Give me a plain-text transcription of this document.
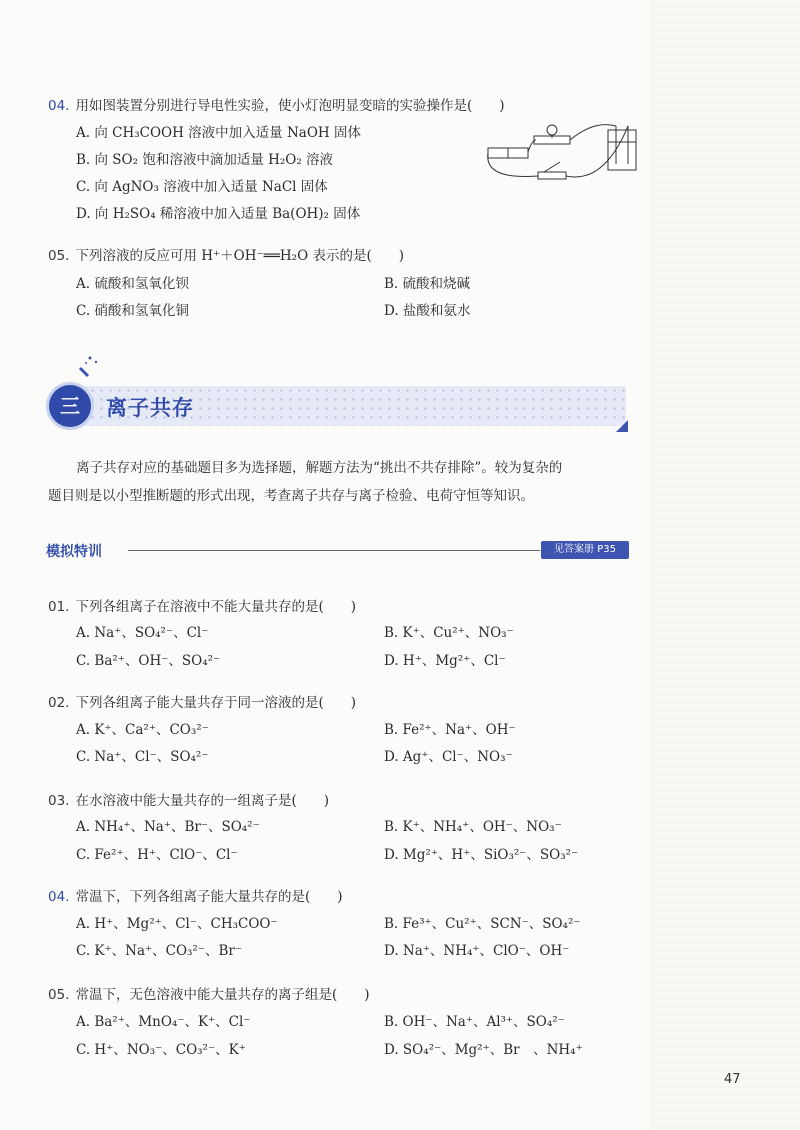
04. 用如图装置分别进行导电性实验，使小灯泡明显变暗的实验操作是(　　)
A. 向 CH₃COOH 溶液中加入适量 NaOH 固体
B. 向 SO₂ 饱和溶液中滴加适量 H₂O₂ 溶液
C. 向 AgNO₃ 溶液中加入适量 NaCl 固体
D. 向 H₂SO₄ 稀溶液中加入适量 Ba(OH)₂ 固体
05. 下列溶液的反应可用 H⁺＋OH⁻══H₂O 表示的是(　　)
A. 硫酸和氢氧化钡	B. 硫酸和烧碱
C. 硝酸和氢氧化铜	D. 盐酸和氨水
三	离子共存
离子共存对应的基础题目多为选择题，解题方法为“挑出不共存排除”。较为复杂的
题目则是以小型推断题的形式出现，考查离子共存与离子检验、电荷守恒等知识。
模拟特训	见答案册 P35
01. 下列各组离子在溶液中不能大量共存的是(　　)
A. Na⁺、SO₄²⁻、Cl⁻	B. K⁺、Cu²⁺、NO₃⁻
C. Ba²⁺、OH⁻、SO₄²⁻	D. H⁺、Mg²⁺、Cl⁻
02. 下列各组离子能大量共存于同一溶液的是(　　)
A. K⁺、Ca²⁺、CO₃²⁻	B. Fe²⁺、Na⁺、OH⁻
C. Na⁺、Cl⁻、SO₄²⁻	D. Ag⁺、Cl⁻、NO₃⁻
03. 在水溶液中能大量共存的一组离子是(　　)
A. NH₄⁺、Na⁺、Br⁻、SO₄²⁻	B. K⁺、NH₄⁺、OH⁻、NO₃⁻
C. Fe²⁺、H⁺、ClO⁻、Cl⁻	D. Mg²⁺、H⁺、SiO₃²⁻、SO₃²⁻
04. 常温下，下列各组离子能大量共存的是(　　)
A. H⁺、Mg²⁺、Cl⁻、CH₃COO⁻	B. Fe³⁺、Cu²⁺、SCN⁻、SO₄²⁻
C. K⁺、Na⁺、CO₃²⁻、Br⁻	D. Na⁺、NH₄⁺、ClO⁻、OH⁻
05. 常温下，无色溶液中能大量共存的离子组是(　　)
A. Ba²⁺、MnO₄⁻、K⁺、Cl⁻	B. OH⁻、Na⁺、Al³⁺、SO₄²⁻
C. H⁺、NO₃⁻、CO₃²⁻、K⁺	D. SO₄²⁻、Mg²⁺、Br　、NH₄⁺
47
